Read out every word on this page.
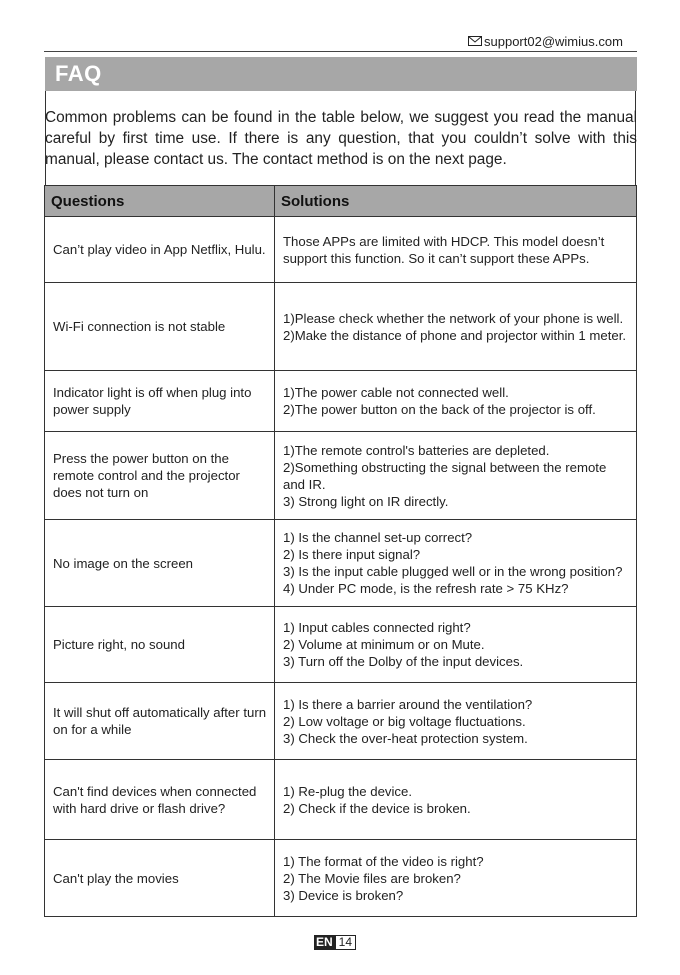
support02@wimius.com
FAQ
Common problems can be found in the table below, we suggest you read the manual careful by first time use. If there is any question, that you couldn’t solve with this manual, please contact us. The contact method is on the next page.
Questions	Solutions
Can’t play video in App Netflix, Hulu.	Those APPs are limited with HDCP. This model doesn’t support this function. So it can’t support these APPs.

Wi-Fi connection is not stable	1)Please check whether the network of your phone is well.
2)Make the distance of phone and projector within 1 meter.

Indicator light is off when plug into power supply	1)The power cable not connected well.
2)The power button on the back of the projector is off.

Press the power button on the remote control and the projector does not turn on	1)The remote control's batteries are depleted.
2)Something obstructing the signal between the remote and IR.
3) Strong light on IR directly.

No image on the screen	1) Is the channel set-up correct?
2) Is there input signal?
3) Is the input cable plugged well or in the wrong position?
4) Under PC mode, is the refresh rate > 75 KHz?

Picture right, no sound	1) Input cables connected right?
2) Volume at minimum or on Mute.
3) Turn off the Dolby of the input devices.

It will shut off automatically after turn on for a while	1) Is there a barrier around the ventilation?
2) Low voltage or big voltage fluctuations.
3) Check the over-heat protection system.

Can't find devices when connected with hard drive or flash drive?	1) Re-plug the device.
2) Check if the device is broken.

Can't play the movies	1) The format of the video is right?
2) The Movie files are broken?
3) Device is broken?
EN 14
